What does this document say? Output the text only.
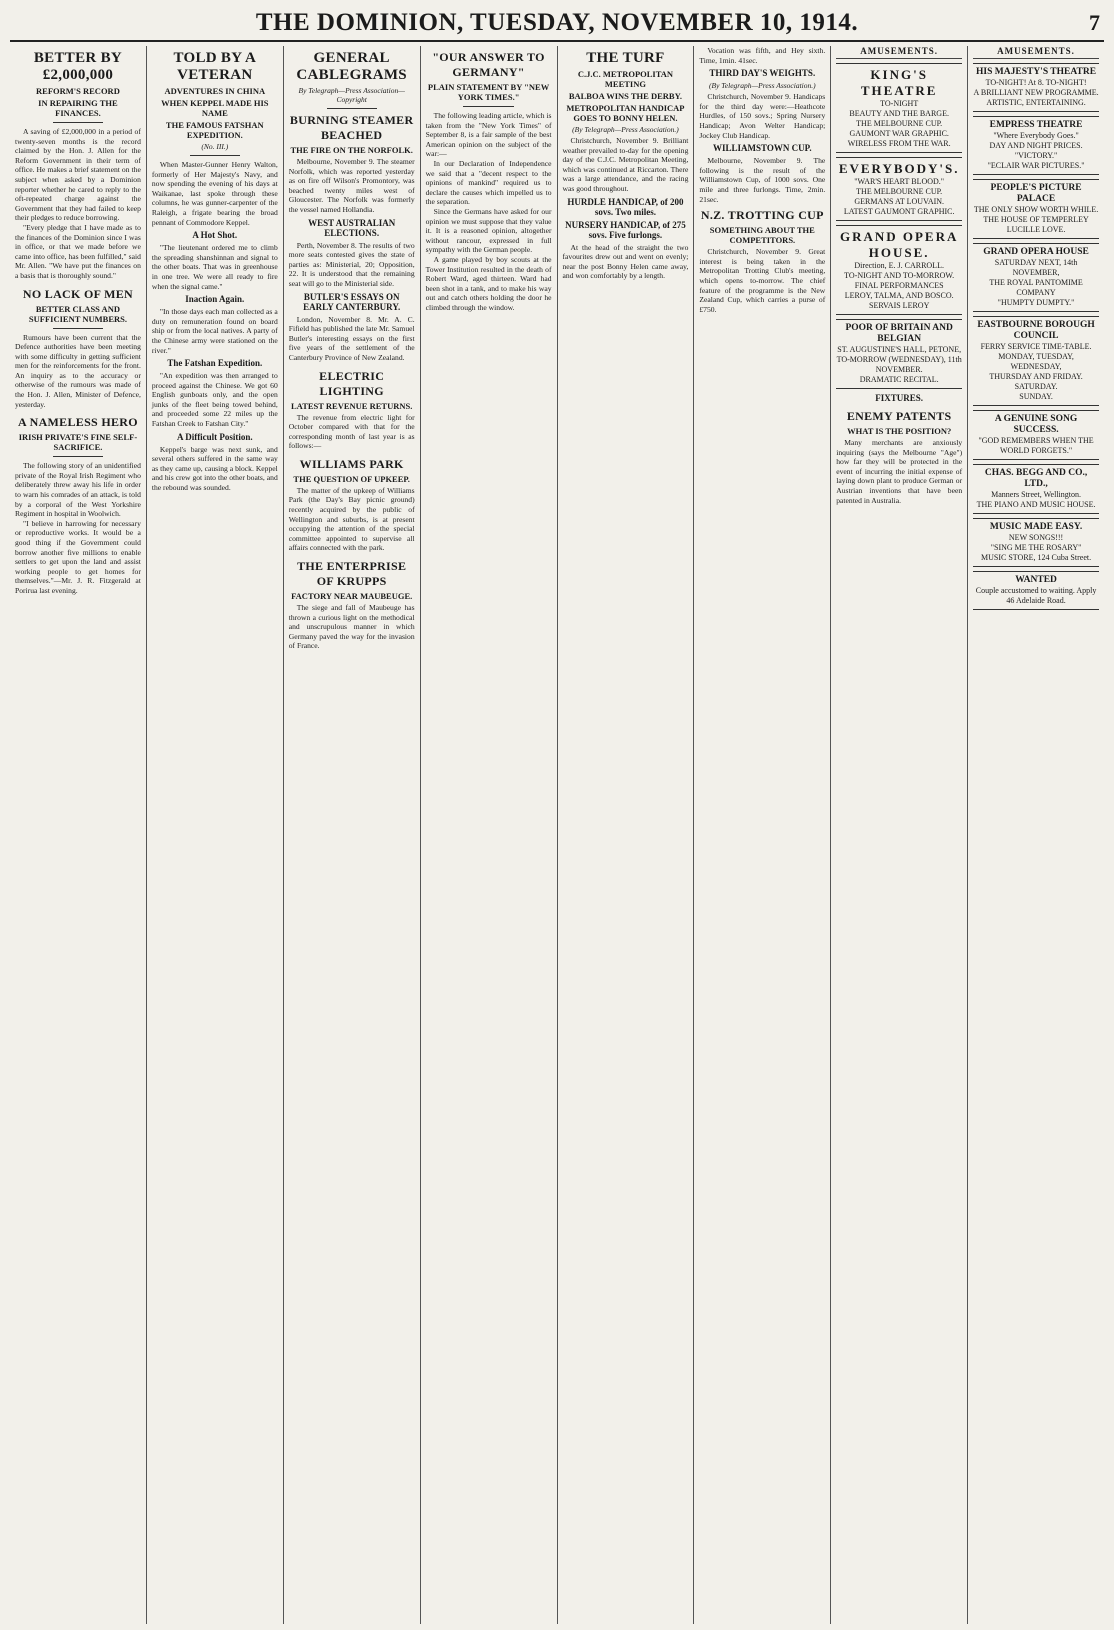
THE DOMINION, TUESDAY, NOVEMBER 10, 1914.	7
BETTER BY £2,000,000
REFORM'S RECORD
IN REPAIRING THE FINANCES.

A saving of £2,000,000 in a period of twenty-seven months is the record claimed by the Hon. J. Allen for the Reform Government in their term of office. He makes a brief statement on the subject when asked by a Dominion reporter whether he cared to reply to the oft-repeated charge against the Government that they had failed to keep their pledges to reduce borrowing.

"Every pledge that I have made as to the finances of the Dominion since I was in office, or that we made before we came into office, has been fulfilled," said Mr. Allen. "We have put the finances on a basis that is thoroughly sound."

NO LACK OF MEN
BETTER CLASS AND SUFFICIENT NUMBERS.

Rumours have been current that the Defence authorities have been meeting with some difficulty in getting sufficient men for the reinforcements for the front. An inquiry as to the accuracy or otherwise of the rumours was made of the Hon. J. Allen, Minister of Defence, yesterday.

A NAMELESS HERO
IRISH PRIVATE'S FINE SELF-SACRIFICE.

The following story of an unidentified private of the Royal Irish Regiment who deliberately threw away his life in order to warn his comrades of an attack, is told by a corporal of the West Yorkshire Regiment in hospital in Woolwich.

"I believe in harrowing for necessary or reproductive works. It would be a good thing if the Government could borrow another five millions to enable settlers to get upon the land and assist working people to get homes for themselves."—Mr. J. R. Fitzgerald at Porirua last evening.

TOLD BY A VETERAN
ADVENTURES IN CHINA
WHEN KEPPEL MADE HIS NAME
THE FAMOUS FATSHAN EXPEDITION.
(No. III.)

When Master-Gunner Henry Walton, formerly of Her Majesty's Navy, and now spending the evening of his days at Waikanae, last spoke through these columns, he was gunner-carpenter of the Raleigh, a frigate bearing the broad pennant of Commodore Keppel.

A Hot Shot.

"The lieutenant ordered me to climb the spreading shanshinnan and signal to the other boats. That was in greenhouse in one tree. We were all ready to fire when the signal came."

Inaction Again.

"In those days each man collected as a duty on remuneration found on board ship or from the local natives. A party of the Chinese army were stationed on the river."

The Fatshan Expedition.

"An expedition was then arranged to proceed against the Chinese. We got 60 English gunboats only, and the open junks of the fleet being towed behind, and proceeded some 22 miles up the Fatshan Creek to Fatshan City."

A Difficult Position.

Keppel's barge was next sunk, and several others suffered in the same way as they came up, causing a block. Keppel and his crew got into the other boats, and the rebound was sounded.

GENERAL CABLEGRAMS
By Telegraph—Press Association—Copyright
BURNING STEAMER BEACHED
THE FIRE ON THE NORFOLK.

Melbourne, November 9. The steamer Norfolk, which was reported yesterday as on fire off Wilson's Promontory, was beached twenty miles west of Gloucester. The Norfolk was formerly the vessel named Hollandia.

WEST AUSTRALIAN ELECTIONS.

Perth, November 8. The results of two more seats contested gives the state of parties as: Ministerial, 20; Opposition, 22. It is understood that the remaining seat will go to the Ministerial side.

BUTLER'S ESSAYS ON EARLY CANTERBURY.

London, November 8. Mr. A. C. Fifield has published the late Mr. Samuel Butler's interesting essays on the first five years of the settlement of the Canterbury Province of New Zealand.

ELECTRIC LIGHTING
LATEST REVENUE RETURNS.

The revenue from electric light for October compared with that for the corresponding month of last year is as follows:—

WILLIAMS PARK
THE QUESTION OF UPKEEP.

The matter of the upkeep of Williams Park (the Day's Bay picnic ground) recently acquired by the public of Wellington and suburbs, is at present occupying the attention of the special committee appointed to supervise all affairs connected with the park.

THE ENTERPRISE OF KRUPPS
FACTORY NEAR MAUBEUGE.

The siege and fall of Maubeuge has thrown a curious light on the methodical and unscrupulous manner in which Germany paved the way for the invasion of France.

"OUR ANSWER TO GERMANY"
PLAIN STATEMENT BY "NEW YORK TIMES."

The following leading article, which is taken from the "New York Times" of September 8, is a fair sample of the best American opinion on the subject of the war:—

In our Declaration of Independence we said that a "decent respect to the opinions of mankind" required us to declare the causes which impelled us to the separation.

Since the Germans have asked for our opinion we must suppose that they value it. It is a reasoned opinion, altogether without rancour, expressed in full sympathy with the German people.

A game played by boy scouts at the Tower Institution resulted in the death of Robert Ward, aged thirteen. Ward had been shot in a tank, and to make his way out and catch others holding the door he climbed through the window.

THE TURF
C.J.C. METROPOLITAN MEETING
BALBOA WINS THE DERBY.
METROPOLITAN HANDICAP GOES TO BONNY HELEN.
(By Telegraph—Press Association.)

Christchurch, November 9. Brilliant weather prevailed to-day for the opening day of the C.J.C. Metropolitan Meeting, which was continued at Riccarton. There was a large attendance, and the racing was good throughout.

HURDLE HANDICAP, of 200 sovs. Two miles.
NURSERY HANDICAP, of 275 sovs. Five furlongs.

At the head of the straight the two favourites drew out and went on evenly; near the post Bonny Helen came away, and won comfortably by a length.

Vocation was fifth, and Hey sixth. Time, 1min. 41sec.

THIRD DAY'S WEIGHTS.
(By Telegraph—Press Association.)

Christchurch, November 9. Handicaps for the third day were:—Heathcote Hurdles, of 150 sovs.; Spring Nursery Handicap; Avon Welter Handicap; Jockey Club Handicap.

WILLIAMSTOWN CUP.

Melbourne, November 9. The following is the result of the Williamstown Cup, of 1000 sovs. One mile and three furlongs. Time, 2min. 21sec.

N.Z. TROTTING CUP
SOMETHING ABOUT THE COMPETITORS.

Christchurch, November 9. Great interest is being taken in the Metropolitan Trotting Club's meeting, which opens to-morrow. The chief feature of the programme is the New Zealand Cup, which carries a purse of £750.

AMUSEMENTS.
KING'S THEATRE
TO-NIGHT
BEAUTY AND THE BARGE.
THE MELBOURNE CUP.
GAUMONT WAR GRAPHIC.
WIRELESS FROM THE WAR.
EVERYBODY'S.
"WAR'S HEART BLOOD."
THE MELBOURNE CUP.
GERMANS AT LOUVAIN.
LATEST GAUMONT GRAPHIC.
GRAND OPERA HOUSE.
Direction, E. J. CARROLL.
TO-NIGHT AND TO-MORROW.
FINAL PERFORMANCES
LEROY, TALMA, AND BOSCO.
SERVAIS LEROY
POOR OF BRITAIN AND BELGIAN
ST. AUGUSTINE'S HALL, PETONE,
TO-MORROW (WEDNESDAY), 11th NOVEMBER.
DRAMATIC RECITAL.
FIXTURES.
ENEMY PATENTS
WHAT IS THE POSITION?

Many merchants are anxiously inquiring (says the Melbourne "Age") how far they will be protected in the event of incurring the initial expense of laying down plant to produce German or Austrian inventions that have been patented in Australia.

AMUSEMENTS.
HIS MAJESTY'S THEATRE
TO-NIGHT! At 8. TO-NIGHT!
A BRILLIANT NEW PROGRAMME.
ARTISTIC, ENTERTAINING.
EMPRESS THEATRE
"Where Everybody Goes."
DAY AND NIGHT PRICES.
"VICTORY."
"ECLAIR WAR PICTURES."
PEOPLE'S PICTURE PALACE
THE ONLY SHOW WORTH WHILE.
THE HOUSE OF TEMPERLEY
LUCILLE LOVE.
GRAND OPERA HOUSE
SATURDAY NEXT, 14th NOVEMBER,
THE ROYAL PANTOMIME COMPANY
"HUMPTY DUMPTY."
EASTBOURNE BOROUGH COUNCIL
FERRY SERVICE TIME-TABLE.
MONDAY, TUESDAY, WEDNESDAY,
THURSDAY AND FRIDAY.
SATURDAY.
SUNDAY.
A GENUINE SONG SUCCESS.
"GOD REMEMBERS WHEN THE WORLD FORGETS."
CHAS. BEGG AND CO., LTD.,
Manners Street, Wellington.
THE PIANO AND MUSIC HOUSE.
MUSIC MADE EASY.
NEW SONGS!!!
"SING ME THE ROSARY"
MUSIC STORE, 124 Cuba Street.
WANTED
Couple accustomed to waiting. Apply 46 Adelaide Road.
